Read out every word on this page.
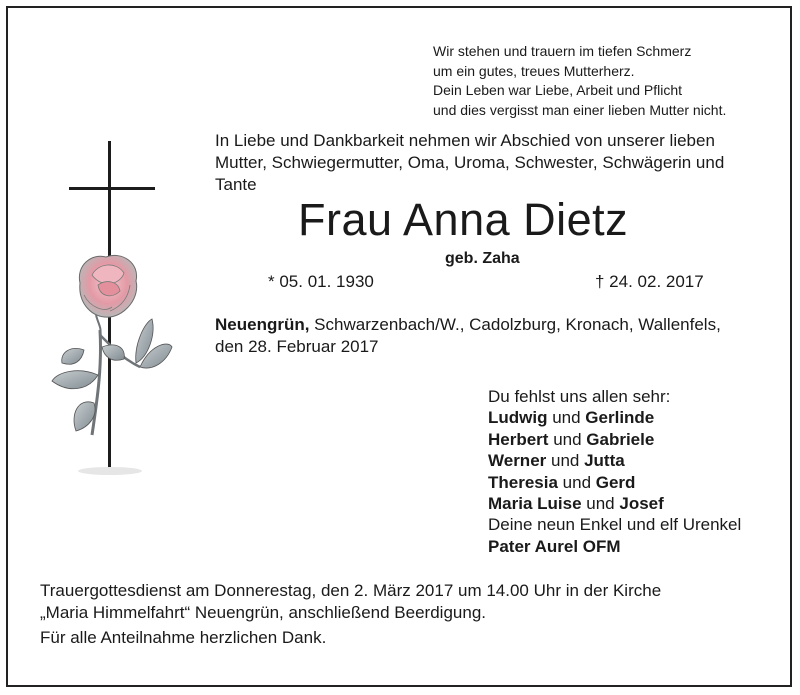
Wir stehen und trauern im tiefen Schmerz
um ein gutes, treues Mutterherz.
Dein Leben war Liebe, Arbeit und Pflicht
und dies vergisst man einer lieben Mutter nicht.
In Liebe und Dankbarkeit nehmen wir Abschied von unserer lieben
Mutter, Schwiegermutter, Oma, Uroma, Schwester, Schwägerin und
Tante
Frau Anna Dietz
geb. Zaha
* 05. 01. 1930	† 24. 02. 2017
Neuengrün, Schwarzenbach/W., Cadolzburg, Kronach, Wallenfels,
den 28. Februar 2017
Du fehlst uns allen sehr:
Ludwig und Gerlinde
Herbert und Gabriele
Werner und Jutta
Theresia und Gerd
Maria Luise und Josef
Deine neun Enkel und elf Urenkel
Pater Aurel OFM
Trauergottesdienst am Donnerestag, den 2. März 2017 um 14.00 Uhr in der Kirche
„Maria Himmelfahrt“ Neuengrün, anschließend Beerdigung.
Für alle Anteilnahme herzlichen Dank.
